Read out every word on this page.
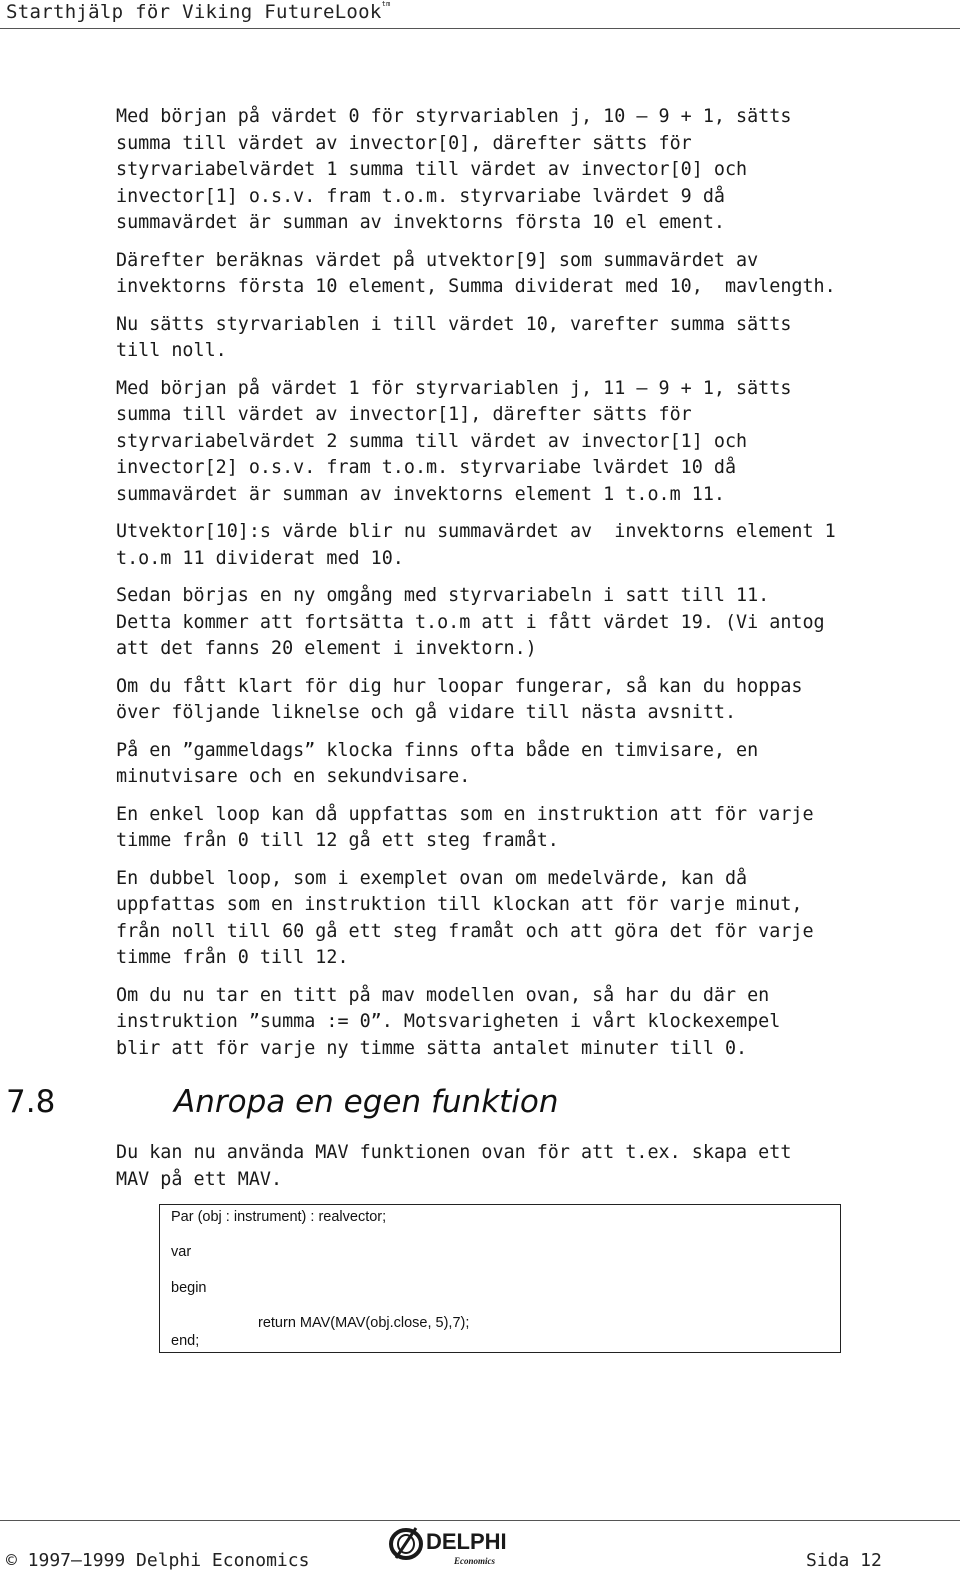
Starthjälp för Viking FutureLook$^{tm}$

Med början på värdet 0 för styrvariablen j, 10 – 9 + 1, sätts
summa till värdet av invector[0], därefter sätts för
styrvariabelvärdet 1 summa till värdet av invector[0] och
invector[1] o.s.v. fram t.o.m. styrvariabe lvärdet 9 då
summavärdet är summan av invektorns första 10 el ement.

Därefter beräknas värdet på utvektor[9] som summavärdet av
invektorns första 10 element, Summa dividerat med 10,  mavlength.

Nu sätts styrvariablen i till värdet 10, varefter summa sätts
till noll.

Med början på värdet 1 för styrvariablen j, 11 – 9 + 1, sätts
summa till värdet av invector[1], därefter sätts för
styrvariabelvärdet 2 summa till värdet av invector[1] och
invector[2] o.s.v. fram t.o.m. styrvariabe lvärdet 10 då
summavärdet är summan av invektorns element 1 t.o.m 11.

Utvektor[10]:s värde blir nu summavärdet av  invektorns element 1
t.o.m 11 dividerat med 10.

Sedan börjas en ny omgång med styrvariabeln i satt till 11.
Detta kommer att fortsätta t.o.m att i fått värdet 19. (Vi antog
att det fanns 20 element i invektorn.)

Om du fått klart för dig hur loopar fungerar, så kan du hoppas
över följande liknelse och gå vidare till nästa avsnitt.

På en ”gammeldags” klocka finns ofta både en timvisare, en
minutvisare och en sekundvisare.

En enkel loop kan då uppfattas som en instruktion att för varje
timme från 0 till 12 gå ett steg framåt.

En dubbel loop, som i exemplet ovan om medelvärde, kan då
uppfattas som en instruktion till klockan att för varje minut,
från noll till 60 gå ett steg framåt och att göra det för varje
timme från 0 till 12.

Om du nu tar en titt på mav modellen ovan, så har du där en
instruktion ”summa := 0”. Motsvarigheten i vårt klockexempel
blir att för varje ny timme sätta antalet minuter till 0.

7.8	Anropa en egen funktion

Du kan nu använda MAV funktionen ovan för att t.ex. skapa ett
MAV på ett MAV.

Par (obj : instrument) : realvector;
var
begin
return MAV(MAV(obj.close, 5),7);
end;
© 1997–1999 Delphi Economics
DELPHI
Economics	Sida 12
